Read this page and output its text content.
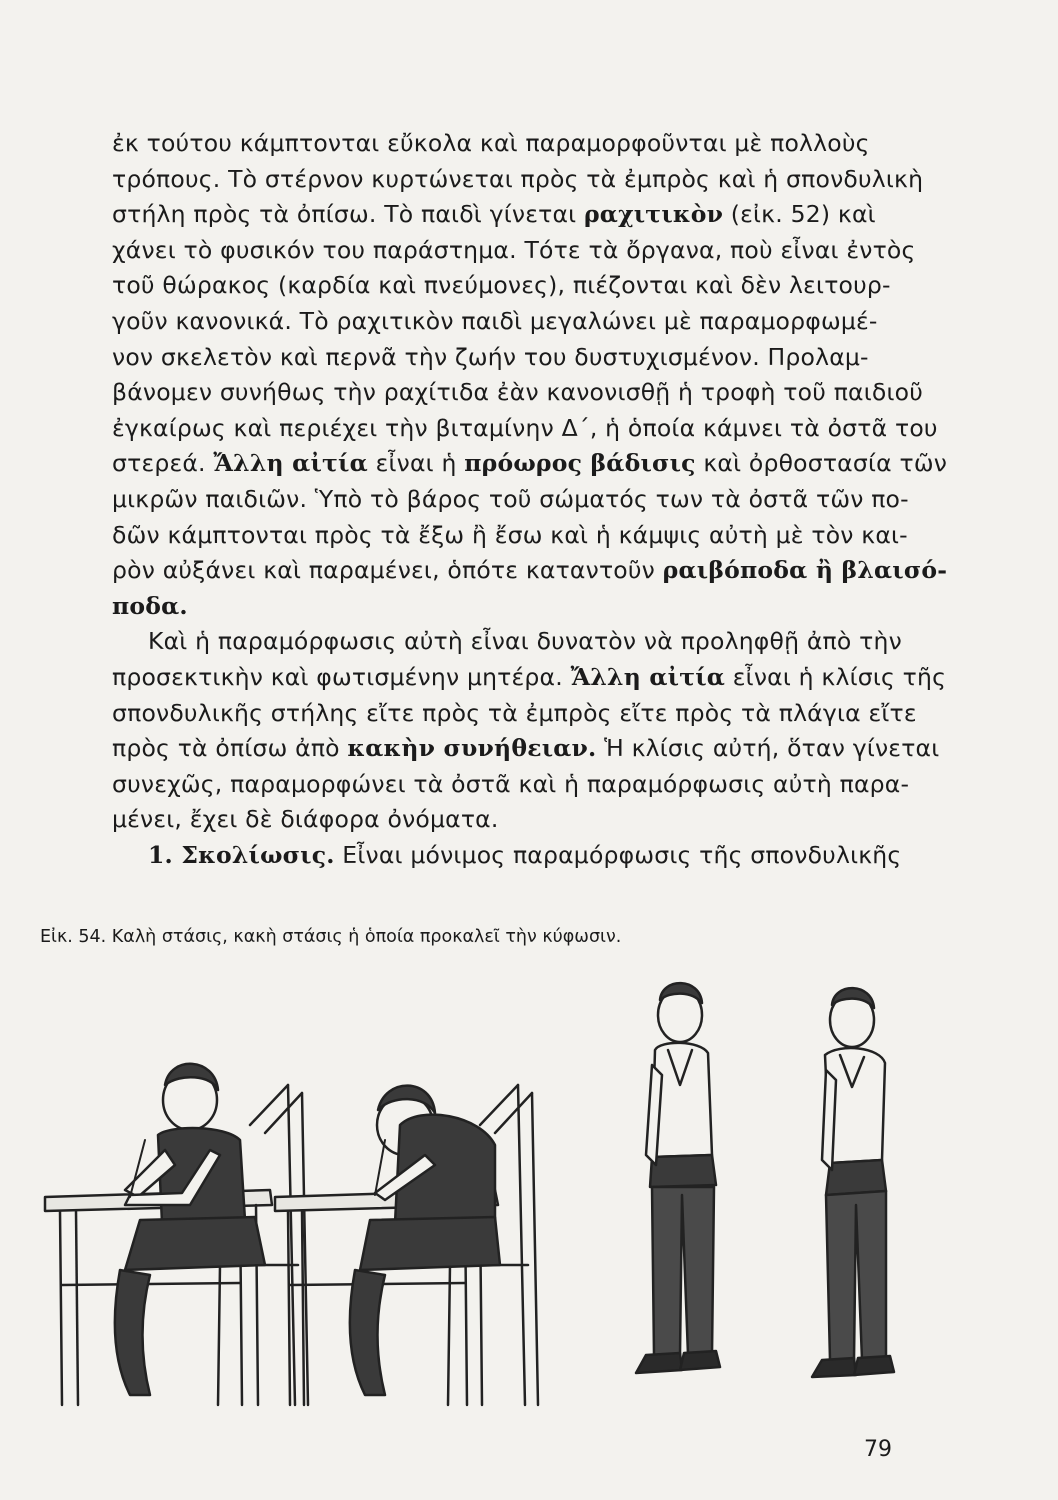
ἐκ τούτου κάμπτονται εὔκολα καὶ παραμορφοῦνται μὲ πολλοὺς
τρόπους. Τὸ στέρνον κυρτώνεται πρὸς τὰ ἐμπρὸς καὶ ἡ σπονδυλικὴ
στήλη πρὸς τὰ ὀπίσω. Τὸ παιδὶ γίνεται ραχιτικὸν (εἰκ. 52) καὶ
χάνει τὸ φυσικόν του παράστημα. Τότε τὰ ὄργανα, ποὺ εἶναι ἐντὸς
τοῦ θώρακος (καρδία καὶ πνεύμονες), πιέζονται καὶ δὲν λειτουρ-
γοῦν κανονικά. Τὸ ραχιτικὸν παιδὶ μεγαλώνει μὲ παραμορφωμέ-
νον σκελετὸν καὶ περνᾶ τὴν ζωήν του δυστυχισμένον. Προλαμ-
βάνομεν συνήθως τὴν ραχίτιδα ἐὰν κανονισθῇ ἡ τροφὴ τοῦ παιδιοῦ
ἐγκαίρως καὶ περιέχει τὴν βιταμίνην Δ΄, ἡ ὁποία κάμνει τὰ ὀστᾶ του
στερεά. Ἄλλη αἰτία εἶναι ἡ πρόωρος βάδισις καὶ ὀρθοστασία τῶν
μικρῶν παιδιῶν. Ὑπὸ τὸ βάρος τοῦ σώματός των τὰ ὀστᾶ τῶν πο-
δῶν κάμπτονται πρὸς τὰ ἔξω ἢ ἔσω καὶ ἡ κάμψις αὐτὴ μὲ τὸν και-
ρὸν αὐξάνει καὶ παραμένει, ὁπότε καταντοῦν ραιβόποδα ἢ βλαισό-
ποδα.
Καὶ ἡ παραμόρφωσις αὐτὴ εἶναι δυνατὸν νὰ προληφθῇ ἀπὸ τὴν
προσεκτικὴν καὶ φωτισμένην μητέρα. Ἄλλη αἰτία εἶναι ἡ κλίσις τῆς
σπονδυλικῆς στήλης εἴτε πρὸς τὰ ἐμπρὸς εἴτε πρὸς τὰ πλάγια εἴτε
πρὸς τὰ ὀπίσω ἀπὸ κακὴν συνήθειαν. Ἡ κλίσις αὐτή, ὅταν γίνεται
συνεχῶς, παραμορφώνει τὰ ὀστᾶ καὶ ἡ παραμόρφωσις αὐτὴ παρα-
μένει, ἔχει δὲ διάφορα ὀνόματα.
1. Σκολίωσις. Εἶναι μόνιμος παραμόρφωσις τῆς σπονδυλικῆς
Εἰκ. 54. Καλὴ στάσις, κακὴ στάσις ἡ ὁποία προκαλεῖ τὴν κύφωσιν.
79
